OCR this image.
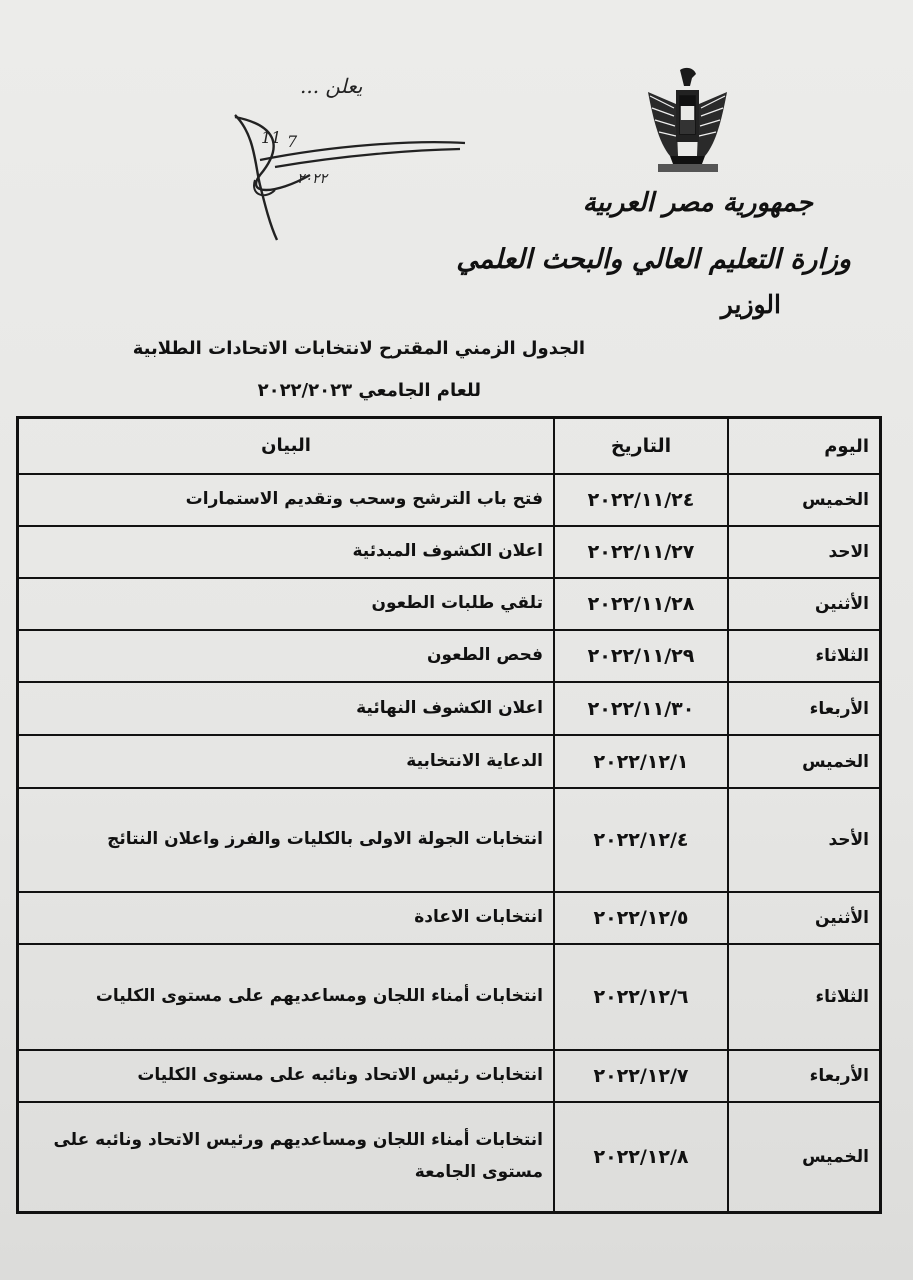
يعلن ...
11 7
٢٠٢٢
جمهورية مصر العربية
وزارة التعليم العالي والبحث العلمي
الوزير
الجدول الزمني المقترح لانتخابات الاتحادات الطلابية
للعام الجامعي ٢٠٢٢/٢٠٢٣
اليوم	التاريخ	البيان
الخميس	٢٠٢٢/١١/٢٤	فتح باب الترشح وسحب وتقديم الاستمارات
الاحد	٢٠٢٢/١١/٢٧	اعلان الكشوف المبدئية
الأثنين	٢٠٢٢/١١/٢٨	تلقي طلبات الطعون
الثلاثاء	٢٠٢٢/١١/٢٩	فحص الطعون
الأربعاء	٢٠٢٢/١١/٣٠	اعلان الكشوف النهائية
الخميس	٢٠٢٢/١٢/١	الدعاية الانتخابية
الأحد	٢٠٢٢/١٢/٤	انتخابات الجولة الاولى بالكليات والفرز واعلان النتائج
الأثنين	٢٠٢٢/١٢/٥	انتخابات الاعادة
الثلاثاء	٢٠٢٢/١٢/٦	انتخابات أمناء اللجان ومساعديهم على مستوى الكليات
الأربعاء	٢٠٢٢/١٢/٧	انتخابات رئيس الاتحاد ونائبه على مستوى الكليات
الخميس	٢٠٢٢/١٢/٨	انتخابات أمناء اللجان ومساعديهم ورئيس الاتحاد ونائبه على مستوى الجامعة
